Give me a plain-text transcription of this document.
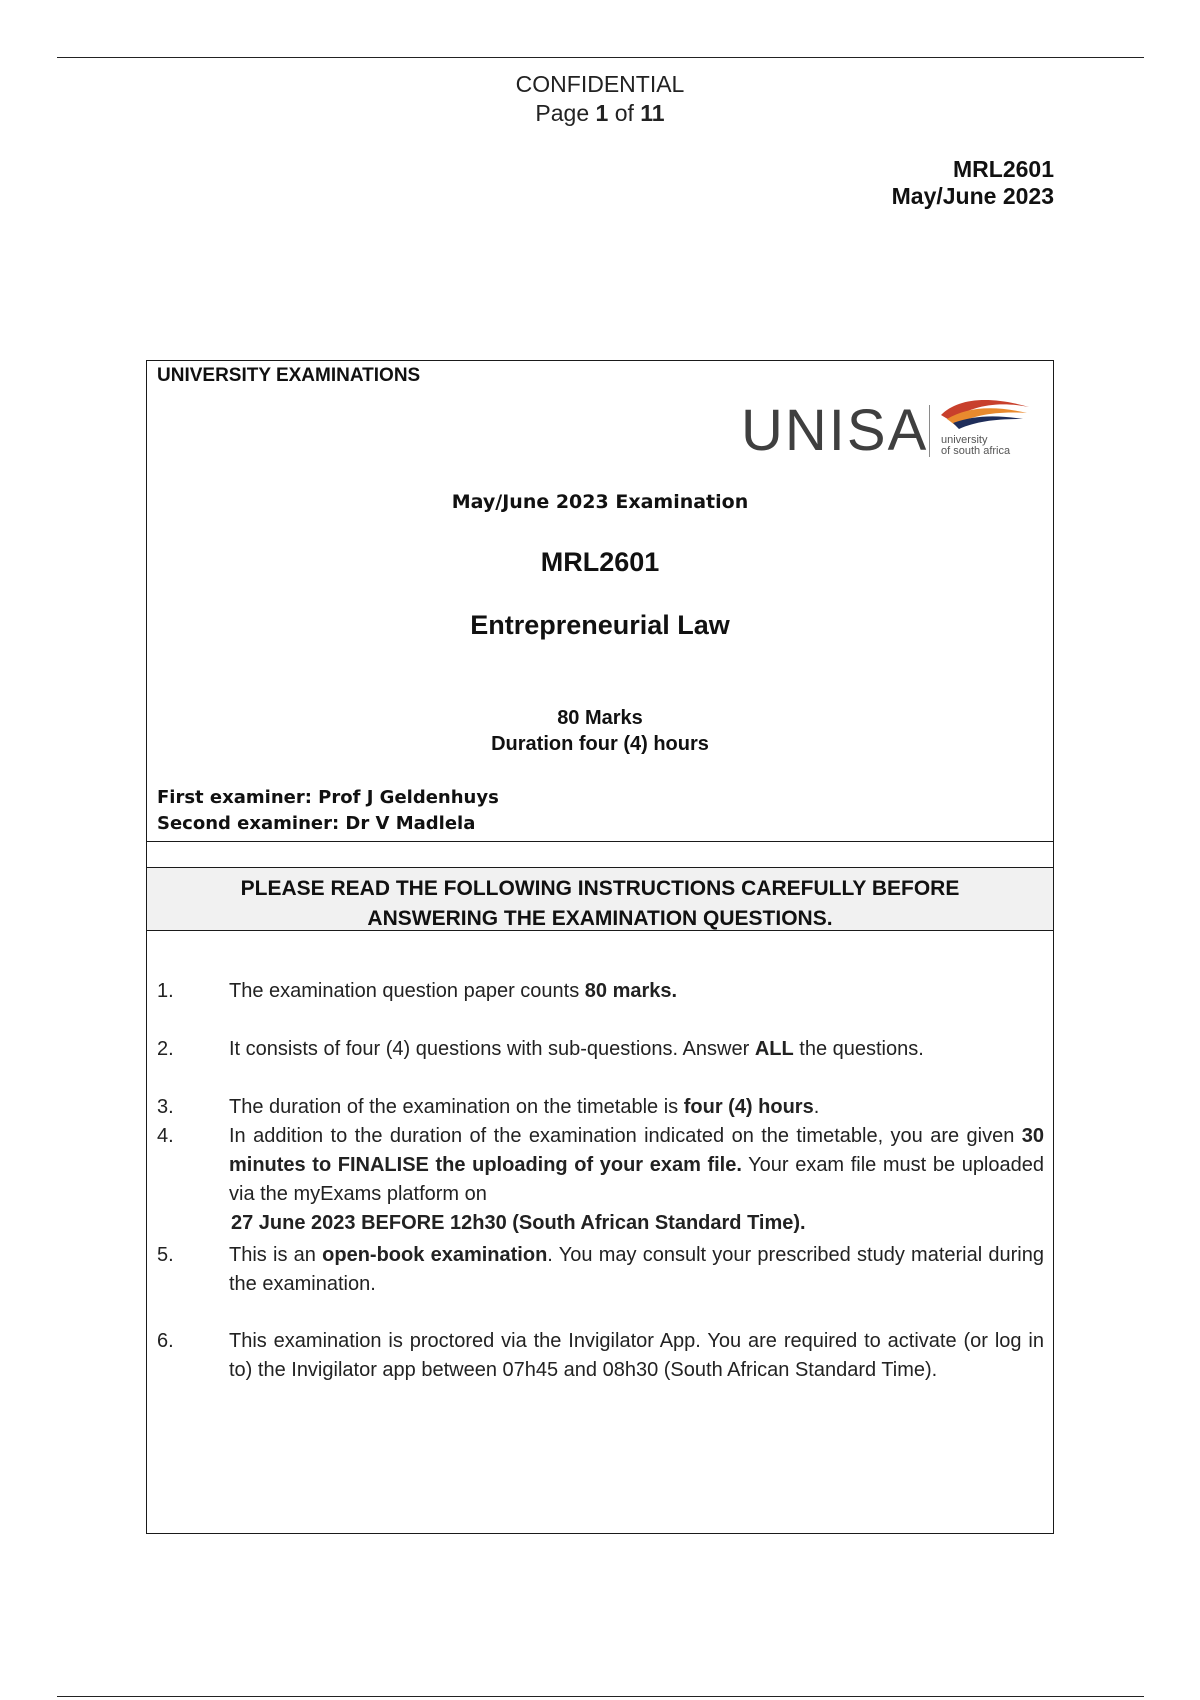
CONFIDENTIAL
Page 1 of 11
MRL2601
May/June 2023
UNIVERSITY EXAMINATIONS
UNISA university
of south africa
May/June 2023 Examination
MRL2601
Entrepreneurial Law
80 Marks
Duration four (4) hours
First examiner: Prof J Geldenhuys
Second examiner: Dr V Madlela
PLEASE READ THE FOLLOWING INSTRUCTIONS CAREFULLY BEFORE
ANSWERING THE EXAMINATION QUESTIONS.
1.	The examination question paper counts 80 marks.
2.	It consists of four (4) questions with sub-questions. Answer ALL the questions.
3.	The duration of the examination on the timetable is four (4) hours.
4.	In addition to the duration of the examination indicated on the timetable, you are given 30 minutes to FINALISE the uploading of your exam file. Your exam file must be uploaded via the myExams platform on
27 June 2023 BEFORE 12h30 (South African Standard Time).
5.	This is an open-book examination. You may consult your prescribed study material during the examination.
6.	This examination is proctored via the Invigilator App. You are required to activate (or log in to) the Invigilator app between 07h45 and 08h30 (South African Standard Time).
